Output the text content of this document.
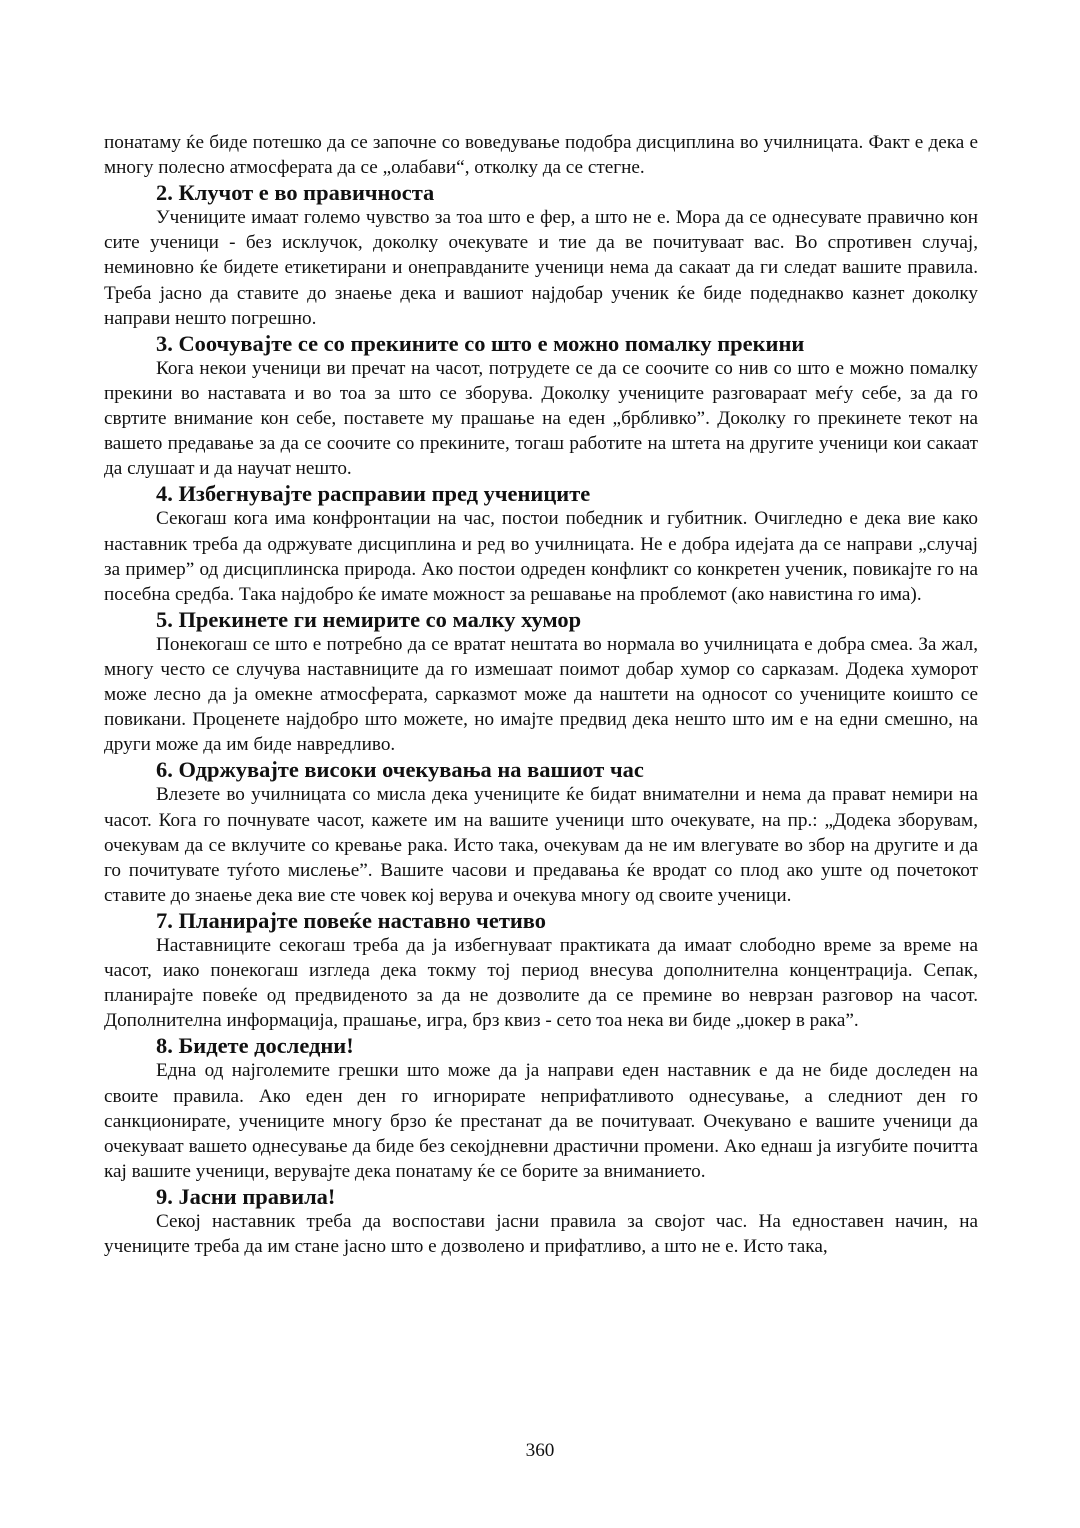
понатаму ќе биде потешко да се започне со воведување подобра дисциплина во училницата. Факт е дека е многу полесно атмосферата да се „олабави“, отколку да се стегне.

2. Клучот е во правичноста

Учениците имаат големо чувство за тоа што е фер, а што не е. Мора да се однесувате правично кон сите ученици - без исклучок, доколку очекувате и тие да ве почитуваат вас. Во спротивен случај, неминовно ќе бидете етикетирани и онеправданите ученици нема да сакаат да ги следат вашите правила. Треба јасно да ставите до знаење дека и вашиот најдобар ученик ќе биде подеднакво казнет доколку направи нешто погрешно.

3. Соочувајте се со прекините со што е можно помалку прекини

Кога некои ученици ви пречат на часот, потрудете се да се соочите со нив со што е можно помалку прекини во наставата и во тоа за што се зборува. Доколку учениците разговараат меѓу себе, за да го свртите внимание кон себе, поставете му прашање на еден „брбливко”. Доколку го прекинете текот на вашето предавање за да се соочите со прекините, тогаш работите на штета на другите ученици кои сакаат да слушаат и да научат нешто.

4. Избегнувајте расправии пред учениците

Секогаш кога има конфронтации на час, постои победник и губитник. Очигледно е дека вие како наставник треба да одржувате дисциплина и ред во училницата. Не е добра идејата да се направи „случај за пример” од дисциплинска природа. Ако постои одреден конфликт со конкретен ученик, повикајте го на посебна средба. Така најдобро ќе имате можност за решавање на проблемот (ако навистина го има).

5. Прекинете ги немирите со малку хумор

Понекогаш се што е потребно да се вратат нештата во нормала во училницата е добра смеа. За жал, многу често се случува наставниците да го измешаат поимот добар хумор со сарказам. Додека хуморот може лесно да ја омекне атмосферата, сарказмот може да наштети на односот со учениците коишто се повикани. Проценете најдобро што можете, но имајте предвид дека нешто што им е на едни смешно, на други може да им биде навредливо.

6. Одржувајте високи очекувања на вашиот час

Влезете во училницата со мисла дека учениците ќе бидат внимателни и нема да прават немири на часот. Кога го почнувате часот, кажете им на вашите ученици што очекувате, на пр.: „Додека зборувам, очекувам да се вклучите со кревање рака. Исто така, очекувам да не им влегувате во збор на другите и да го почитувате туѓото мислење”. Вашите часови и предавања ќе вродат со плод ако уште од почетокот ставите до знаење дека вие сте човек кој верува и очекува многу од своите ученици.

7. Планирајте повеќе наставно четиво

Наставниците секогаш треба да ја избегнуваат практиката да имаат слободно време за време на часот, иако понекогаш изгледа дека токму тој период внесува дополнителна концентрација. Сепак, планирајте повеќе од предвиденото за да не дозволите да се премине во неврзан разговор на часот. Дополнителна информација, прашање, игра, брз квиз - сето тоа нека ви биде „џокер в рака”.

8. Бидете доследни!

Една од најголемите грешки што може да ја направи еден наставник е да не биде доследен на своите правила. Ако еден ден го игнорирате неприфатливото однесување, а следниот ден го санкционирате, учениците многу брзо ќе престанат да ве почитуваат. Очекувано е вашите ученици да очекуваат вашето однесување да биде без секојдневни драстични промени. Ако еднаш ја изгубите почитта кај вашите ученици, верувајте дека понатаму ќе се борите за вниманието.

9. Јасни правила!

Секој наставник треба да воспостави јасни правила за својот час. На едноставен начин, на учениците треба да им стане јасно што е дозволено и прифатливо, а што не е. Исто така,

360
